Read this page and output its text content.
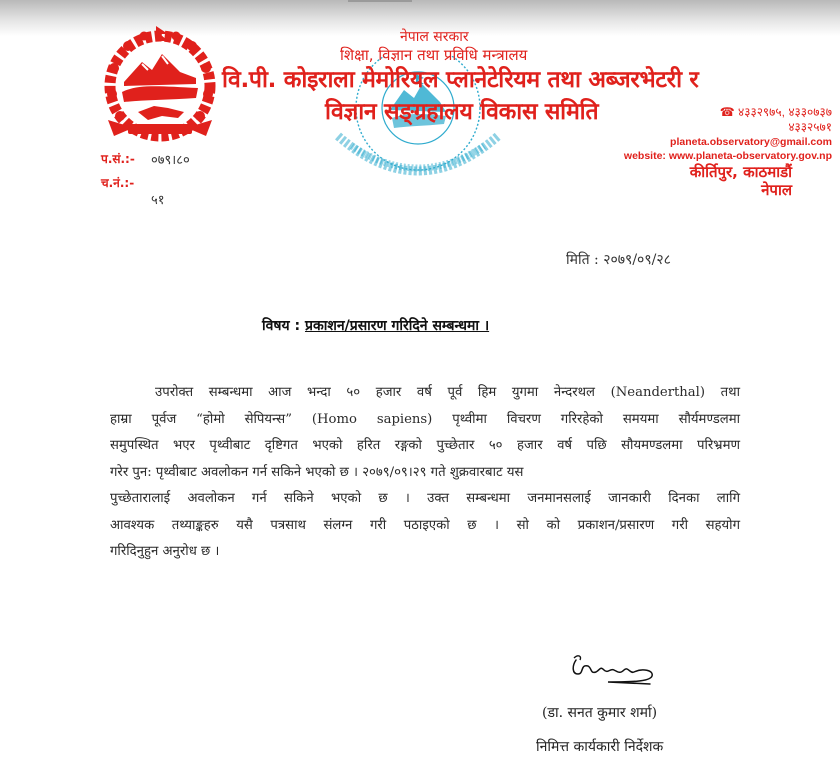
नेपाल सरकार
शिक्षा, विज्ञान तथा प्रविधि मन्त्रालय
वि.पी. कोइराला मेमोरियल प्लानेटेरियम तथा अब्जरभेटरी र
विज्ञान सङ्ग्रहालय विकास समिति	☎ ४३३२९७५, ४३३०७३७
४३३२५७१
planeta.observatory@gmail.com
website: www.planeta-observatory.gov.np
कीर्तिपुर, काठमाडौं
नेपाल
प.सं.:- ०७९।८०
च.नं.:-
५१
मिति : २०७९/०९/२८
विषय : प्रकाशन/प्रसारण गरिदिने सम्बन्धमा ।
उपरोक्त सम्बन्धमा आज भन्दा ५० हजार वर्ष पूर्व हिम युगमा नेन्दरथल (Neanderthal) तथा
हाम्रा पूर्वज “होमो सेपियन्स” (Homo sapiens) पृथ्वीमा विचरण गरिरहेको समयमा सौर्यमण्डलमा
समुपस्थित भएर पृथ्वीबाट दृष्टिगत भएको हरित रङ्गको पुच्छेतार ५० हजार वर्ष पछि सौयमण्डलमा परिभ्रमण
गरेर पुन: पृथ्वीबाट अवलोकन गर्न सकिने भएको छ । २०७९/०९।२९ गते शुक्रवारबाट यस
पुच्छेतारालाई अवलोकन गर्न सकिने भएको छ । उक्त सम्बन्धमा जनमानसलाई जानकारी दिनका लागि
आवश्यक तथ्याङ्कहरु यसै पत्रसाथ संलग्न गरी पठाइएको छ । सो को प्रकाशन/प्रसारण गरी सहयोग
गरिदिनुहुन अनुरोध छ ।
(डा. सनत कुमार शर्मा)
निमित्त कार्यकारी निर्देशक
